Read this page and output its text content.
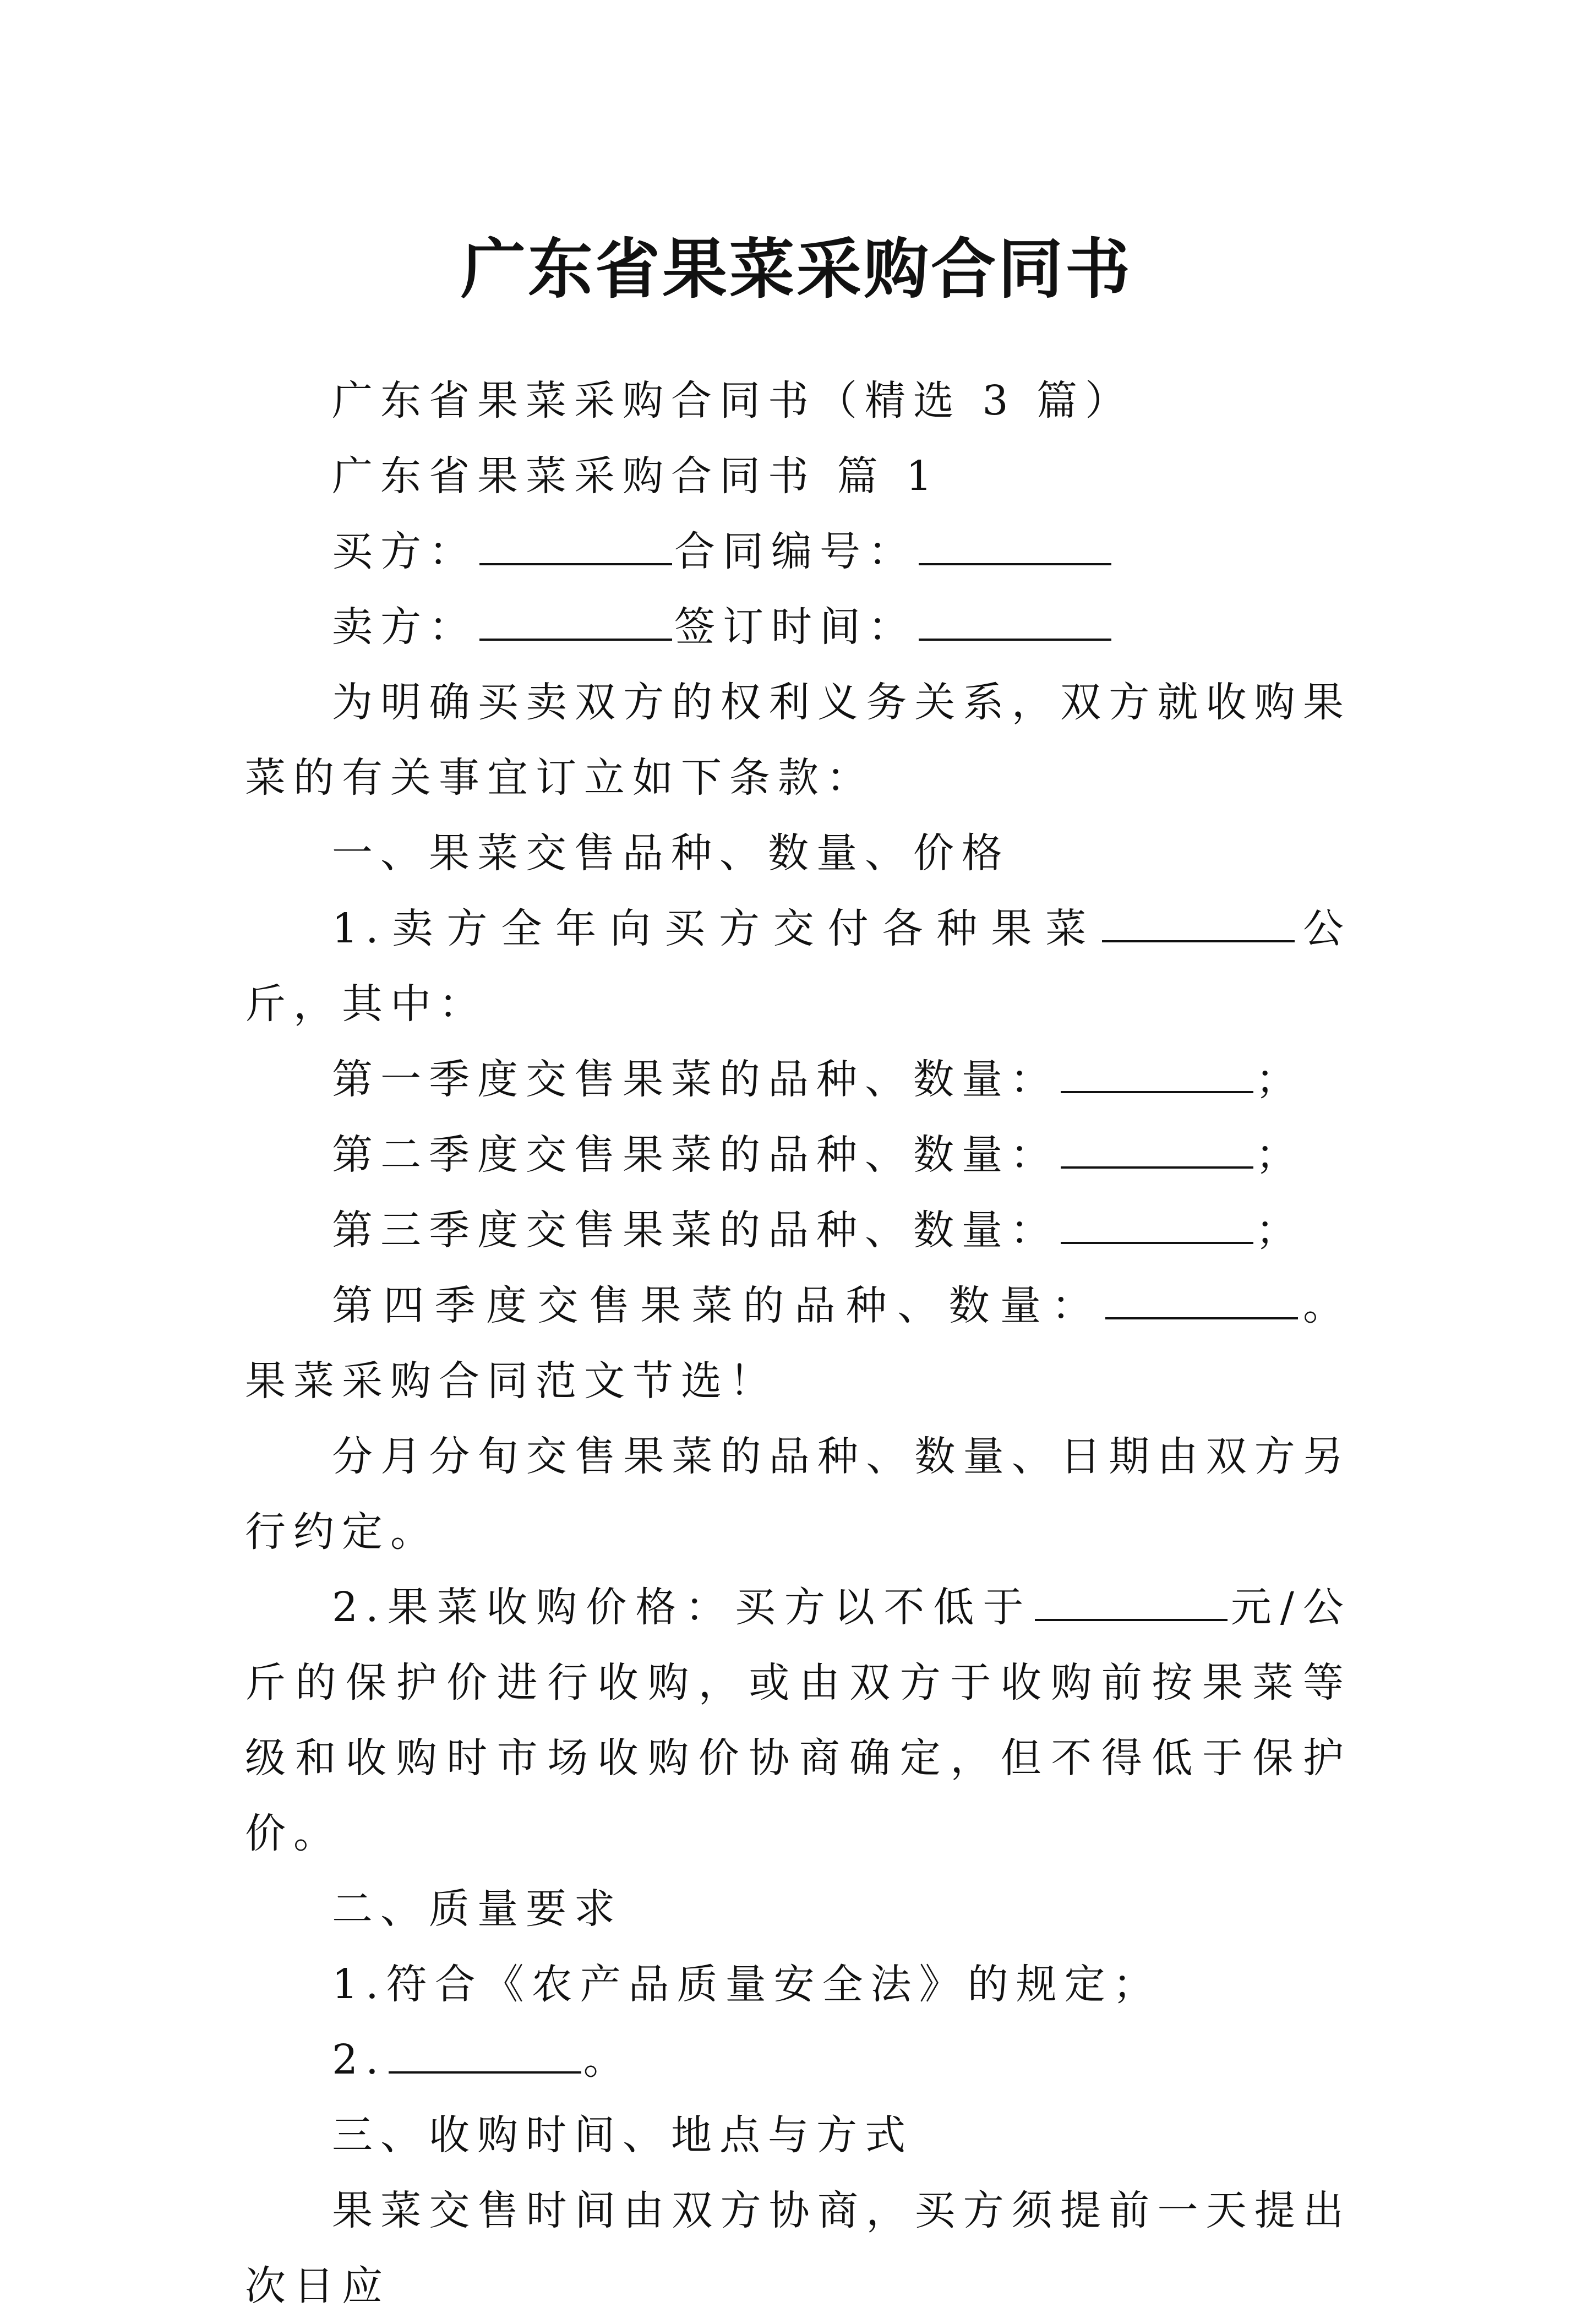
广东省果菜采购合同书

广东省果菜采购合同书（精选 3 篇）

广东省果菜采购合同书 篇 1

买方：	合同编号：

卖方：	签订时间：

为明确买卖双方的权利义务关系，双方就收购果菜的有关事宜订立如下条款：

一、果菜交售品种、数量、价格

1.卖方全年向买方交付各种果菜	公斤，其中：

第一季度交售果菜的品种、数量：	；

第二季度交售果菜的品种、数量：	；

第三季度交售果菜的品种、数量：	；

第四季度交售果菜的品种、数量：	。果菜采购合同范文节选！

分月分旬交售果菜的品种、数量、日期由双方另行约定。

2.果菜收购价格：买方以不低于	元/公斤的保护价进行收购，或由双方于收购前按果菜等级和收购时市场收购价协商确定，但不得低于保护价。

二、质量要求

1.符合《农产品质量安全法》的规定；

2.	。

三、收购时间、地点与方式

果菜交售时间由双方协商，买方须提前一天提出次日应
